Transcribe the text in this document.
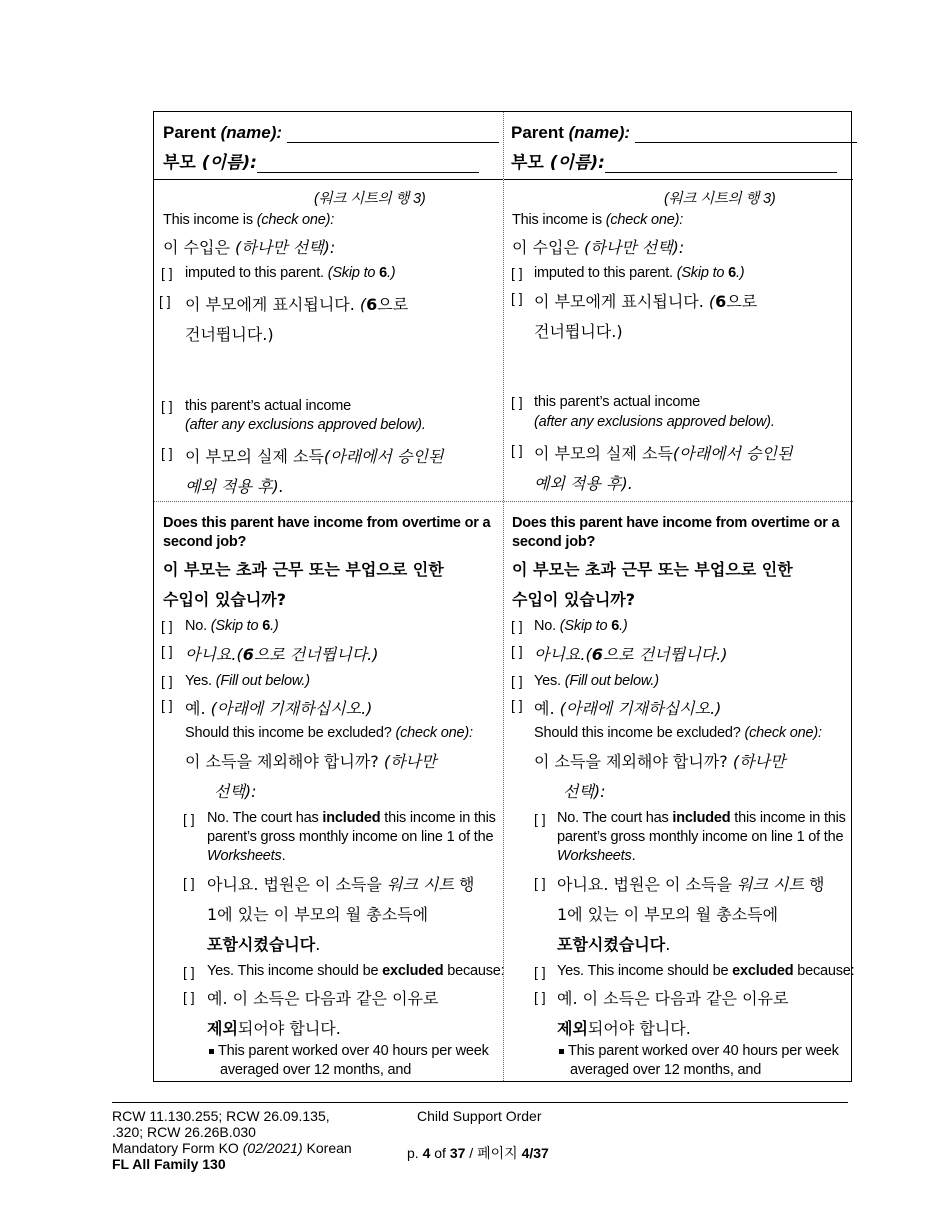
Parent (name):
부모 (이름):
(워크 시트의 행 3)
This income is (check one):
이 수입은 (하나만 선택):
[ ] imputed to this parent. (Skip to 6.)
[ ] 이 부모에게 표시됩니다. (6으로
건너뜁니다.)
[ ] this parent’s actual income
(after any exclusions approved below).
[ ] 이 부모의 실제 소득(아래에서 승인된
예외 적용 후).
Does this parent have income from overtime or a second job?
이 부모는 초과 근무 또는 부업으로 인한
수입이 있습니까?
[ ] No. (Skip to 6.)
[ ] 아니요.(6으로 건너뜁니다.)
[ ] Yes. (Fill out below.)
[ ] 예. (아래에 기재하십시오.)
Should this income be excluded? (check one):
이 소득을 제외해야 합니까? (하나만
선택):
[ ] No. The court has included this income in this parent’s gross monthly income on line 1 of the Worksheets.
[ ] 아니요. 법원은 이 소득을 워크 시트 행
1에 있는 이 부모의 월 총소득에
포함시켰습니다.
[ ] Yes. This income should be excluded because:
[ ] 예. 이 소득은 다음과 같은 이유로
제외되어야 합니다.
This parent worked over 40 hours per week averaged over 12 months, and
Parent (name):
부모 (이름):
(워크 시트의 행 3)
This income is (check one):
이 수입은 (하나만 선택):
[ ] imputed to this parent. (Skip to 6.)
[ ] 이 부모에게 표시됩니다. (6으로
건너뜁니다.)
[ ] this parent’s actual income
(after any exclusions approved below).
[ ] 이 부모의 실제 소득(아래에서 승인된
예외 적용 후).
Does this parent have income from overtime or a second job?
이 부모는 초과 근무 또는 부업으로 인한
수입이 있습니까?
[ ] No. (Skip to 6.)
[ ] 아니요.(6으로 건너뜁니다.)
[ ] Yes. (Fill out below.)
[ ] 예. (아래에 기재하십시오.)
Should this income be excluded? (check one):
이 소득을 제외해야 합니까? (하나만
선택):
[ ] No. The court has included this income in this parent’s gross monthly income on line 1 of the Worksheets.
[ ] 아니요. 법원은 이 소득을 워크 시트 행
1에 있는 이 부모의 월 총소득에
포함시켰습니다.
[ ] Yes. This income should be excluded because:
[ ] 예. 이 소득은 다음과 같은 이유로
제외되어야 합니다.
This parent worked over 40 hours per week averaged over 12 months, and
RCW 11.130.255; RCW 26.09.135,
.320; RCW 26.26B.030
Mandatory Form KO (02/2021) Korean
FL All Family 130
Child Support Order
p. 4 of 37 / 페이지 4/37
